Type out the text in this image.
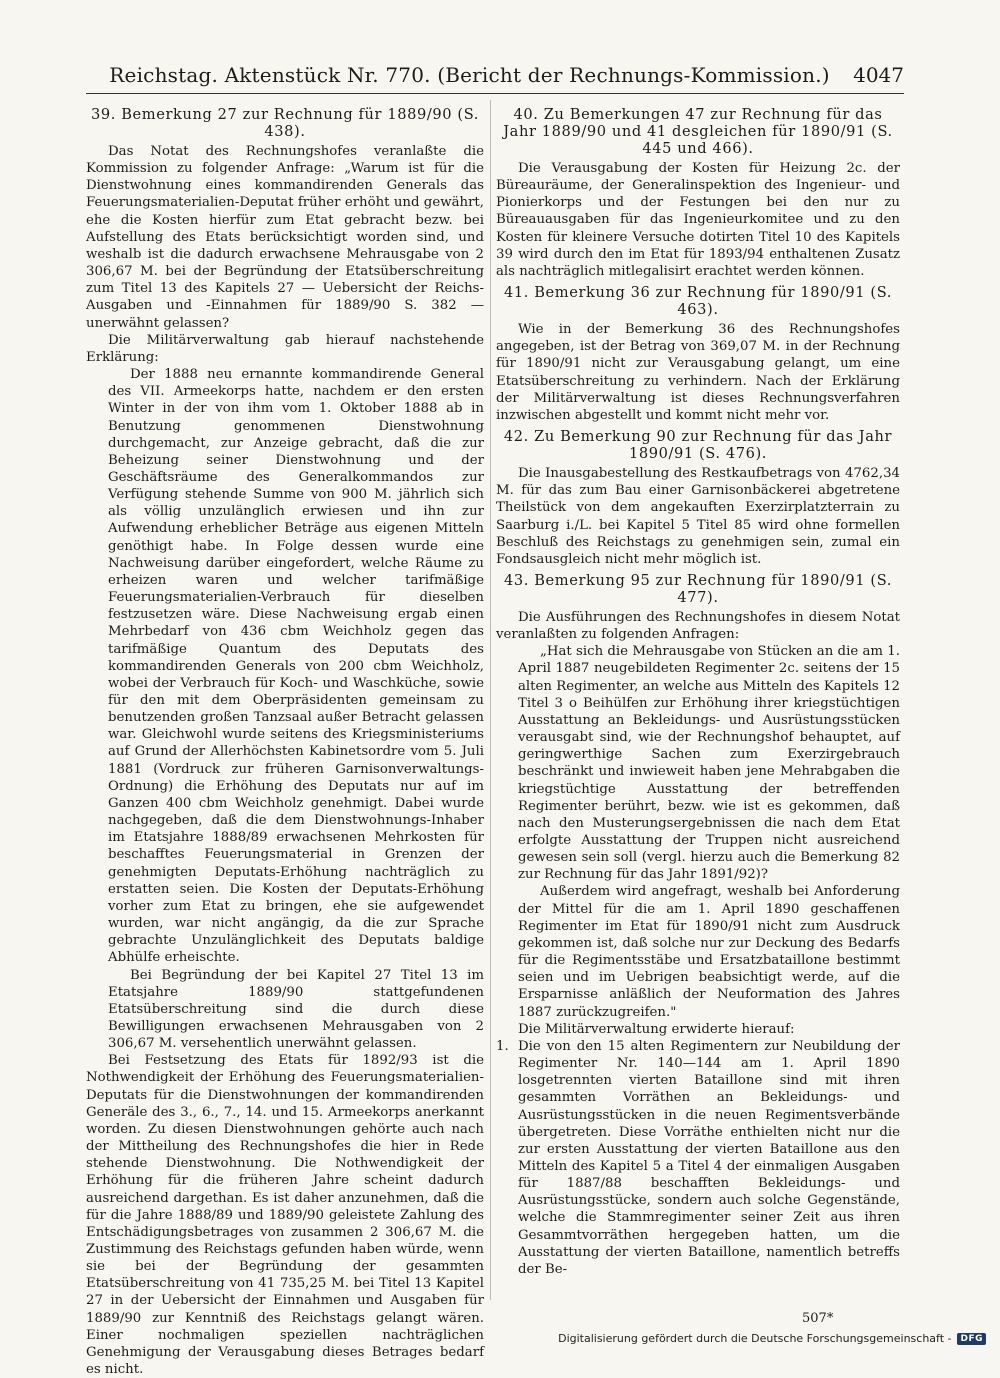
Reichstag. Aktenstück Nr. 770. (Bericht der Rechnungs-Kommission.)	4047
39. Bemerkung 27 zur Rechnung für 1889/90 (S. 438).

Das Notat des Rechnungshofes veranlaßte die Kommission zu folgender Anfrage: „Warum ist für die Dienstwohnung eines kommandirenden Generals das Feuerungsmaterialien-Deputat früher erhöht und gewährt, ehe die Kosten hierfür zum Etat gebracht bezw. bei Aufstellung des Etats berücksichtigt worden sind, und weshalb ist die dadurch erwachsene Mehrausgabe von 2 306,67 M. bei der Begründung der Etatsüberschreitung zum Titel 13 des Kapitels 27 — Uebersicht der Reichs-Ausgaben und -Einnahmen für 1889/90 S. 382 — unerwähnt gelassen?

Die Militärverwaltung gab hierauf nachstehende Erklärung:

Der 1888 neu ernannte kommandirende General des VII. Armeekorps hatte, nachdem er den ersten Winter in der von ihm vom 1. Oktober 1888 ab in Benutzung genommenen Dienstwohnung durchgemacht, zur Anzeige gebracht, daß die zur Beheizung seiner Dienstwohnung und der Geschäftsräume des Generalkommandos zur Verfügung stehende Summe von 900 M. jährlich sich als völlig unzulänglich erwiesen und ihn zur Aufwendung erheblicher Beträge aus eigenen Mitteln genöthigt habe. In Folge dessen wurde eine Nachweisung darüber eingefordert, welche Räume zu erheizen waren und welcher tarifmäßige Feuerungsmaterialien-Verbrauch für dieselben festzusetzen wäre. Diese Nachweisung ergab einen Mehrbedarf von 436 cbm Weichholz gegen das tarifmäßige Quantum des Deputats des kommandirenden Generals von 200 cbm Weichholz, wobei der Verbrauch für Koch- und Waschküche, sowie für den mit dem Oberpräsidenten gemeinsam zu benutzenden großen Tanzsaal außer Betracht gelassen war. Gleichwohl wurde seitens des Kriegsministeriums auf Grund der Allerhöchsten Kabinetsordre vom 5. Juli 1881 (Vordruck zur früheren Garnisonverwaltungs-Ordnung) die Erhöhung des Deputats nur auf im Ganzen 400 cbm Weichholz genehmigt. Dabei wurde nachgegeben, daß die dem Dienstwohnungs-Inhaber im Etatsjahre 1888/89 erwachsenen Mehrkosten für beschafftes Feuerungsmaterial in Grenzen der genehmigten Deputats-Erhöhung nachträglich zu erstatten seien. Die Kosten der Deputats-Erhöhung vorher zum Etat zu bringen, ehe sie aufgewendet wurden, war nicht angängig, da die zur Sprache gebrachte Unzulänglichkeit des Deputats baldige Abhülfe erheischte.

Bei Begründung der bei Kapitel 27 Titel 13 im Etatsjahre 1889/90 stattgefundenen Etatsüberschreitung sind die durch diese Bewilligungen erwachsenen Mehrausgaben von 2 306,67 M. versehentlich unerwähnt gelassen.

Bei Festsetzung des Etats für 1892/93 ist die Nothwendigkeit der Erhöhung des Feuerungsmaterialien-Deputats für die Dienstwohnungen der kommandirenden Generäle des 3., 6., 7., 14. und 15. Armeekorps anerkannt worden. Zu diesen Dienstwohnungen gehörte auch nach der Mittheilung des Rechnungshofes die hier in Rede stehende Dienstwohnung. Die Nothwendigkeit der Erhöhung für die früheren Jahre scheint dadurch ausreichend dargethan. Es ist daher anzunehmen, daß die für die Jahre 1888/89 und 1889/90 geleistete Zahlung des Entschädigungsbetrages von zusammen 2 306,67 M. die Zustimmung des Reichstags gefunden haben würde, wenn sie bei der Begründung der gesammten Etatsüberschreitung von 41 735,25 M. bei Titel 13 Kapitel 27 in der Uebersicht der Einnahmen und Ausgaben für 1889/90 zur Kenntniß des Reichstags gelangt wären. Einer nochmaligen speziellen nachträglichen Genehmigung der Verausgabung dieses Betrages bedarf es nicht.

40. Zu Bemerkungen 47 zur Rechnung für das Jahr 1889/90 und 41 desgleichen für 1890/91 (S. 445 und 466).

Die Verausgabung der Kosten für Heizung 2c. der Büreauräume, der Generalinspektion des Ingenieur- und Pionierkorps und der Festungen bei den nur zu Büreauausgaben für das Ingenieurkomitee und zu den Kosten für kleinere Versuche dotirten Titel 10 des Kapitels 39 wird durch den im Etat für 1893/94 enthaltenen Zusatz als nachträglich mitlegalisirt erachtet werden können.

41. Bemerkung 36 zur Rechnung für 1890/91 (S. 463).

Wie in der Bemerkung 36 des Rechnungshofes angegeben, ist der Betrag von 369,07 M. in der Rechnung für 1890/91 nicht zur Verausgabung gelangt, um eine Etatsüberschreitung zu verhindern. Nach der Erklärung der Militärverwaltung ist dieses Rechnungsverfahren inzwischen abgestellt und kommt nicht mehr vor.

42. Zu Bemerkung 90 zur Rechnung für das Jahr 1890/91 (S. 476).

Die Inausgabestellung des Restkaufbetrags von 4762,34 M. für das zum Bau einer Garnisonbäckerei abgetretene Theilstück von dem angekauften Exerzirplatzterrain zu Saarburg i./L. bei Kapitel 5 Titel 85 wird ohne formellen Beschluß des Reichstags zu genehmigen sein, zumal ein Fondsausgleich nicht mehr möglich ist.

43. Bemerkung 95 zur Rechnung für 1890/91 (S. 477).

Die Ausführungen des Rechnungshofes in diesem Notat veranlaßten zu folgenden Anfragen:

„Hat sich die Mehrausgabe von Stücken an die am 1. April 1887 neugebildeten Regimenter 2c. seitens der 15 alten Regimenter, an welche aus Mitteln des Kapitels 12 Titel 3 o Beihülfen zur Erhöhung ihrer kriegstüchtigen Ausstattung an Bekleidungs- und Ausrüstungsstücken verausgabt sind, wie der Rechnungshof behauptet, auf geringwerthige Sachen zum Exerzirgebrauch beschränkt und inwieweit haben jene Mehrabgaben die kriegstüchtige Ausstattung der betreffenden Regimenter berührt, bezw. wie ist es gekommen, daß nach den Musterungsergebnissen die nach dem Etat erfolgte Ausstattung der Truppen nicht ausreichend gewesen sein soll (vergl. hierzu auch die Bemerkung 82 zur Rechnung für das Jahr 1891/92)?

Außerdem wird angefragt, weshalb bei Anforderung der Mittel für die am 1. April 1890 geschaffenen Regimenter im Etat für 1890/91 nicht zum Ausdruck gekommen ist, daß solche nur zur Deckung des Bedarfs für die Regimentsstäbe und Ersatzbataillone bestimmt seien und im Uebrigen beabsichtigt werde, auf die Ersparnisse anläßlich der Neuformation des Jahres 1887 zurückzugreifen."

Die Militärverwaltung erwiderte hierauf:

1. Die von den 15 alten Regimentern zur Neubildung der Regimenter Nr. 140—144 am 1. April 1890 losgetrennten vierten Bataillone sind mit ihren gesammten Vorräthen an Bekleidungs- und Ausrüstungsstücken in die neuen Regimentsverbände übergetreten. Diese Vorräthe enthielten nicht nur die zur ersten Ausstattung der vierten Bataillone aus den Mitteln des Kapitel 5 a Titel 4 der einmaligen Ausgaben für 1887/88 beschafften Bekleidungs- und Ausrüstungsstücke, sondern auch solche Gegenstände, welche die Stammregimenter seiner Zeit aus ihren Gesammtvorräthen hergegeben hatten, um die Ausstattung der vierten Bataillone, namentlich betreffs der Be-
507*
Digitalisierung gefördert durch die Deutsche Forschungsgemeinschaft -	DFG
